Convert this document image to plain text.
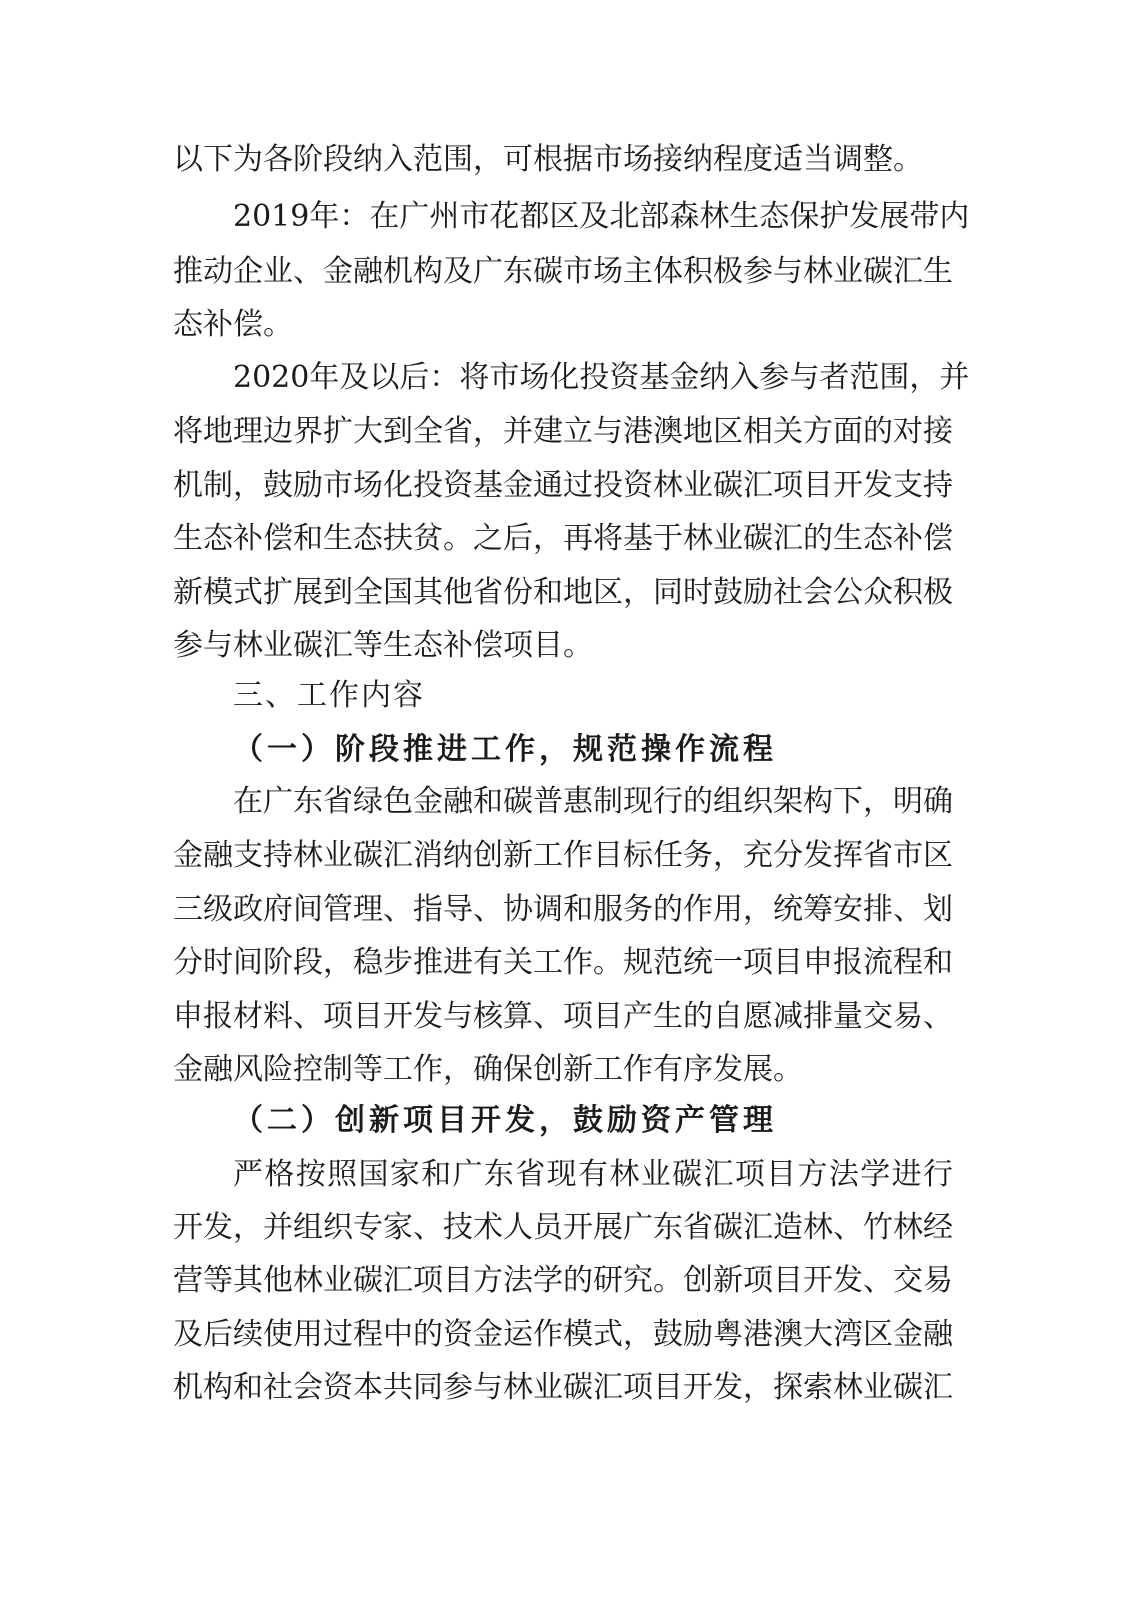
以下为各阶段纳入范围，可根据市场接纳程度适当调整。
2019年：在广州市花都区及北部森林生态保护发展带内
推动企业、金融机构及广东碳市场主体积极参与林业碳汇生
态补偿。
2020年及以后：将市场化投资基金纳入参与者范围，并
将地理边界扩大到全省，并建立与港澳地区相关方面的对接
机制，鼓励市场化投资基金通过投资林业碳汇项目开发支持
生态补偿和生态扶贫。之后，再将基于林业碳汇的生态补偿
新模式扩展到全国其他省份和地区，同时鼓励社会公众积极
参与林业碳汇等生态补偿项目。
三、工作内容
（一）阶段推进工作，规范操作流程
在广东省绿色金融和碳普惠制现行的组织架构下，明确
金融支持林业碳汇消纳创新工作目标任务，充分发挥省市区
三级政府间管理、指导、协调和服务的作用，统筹安排、划
分时间阶段，稳步推进有关工作。规范统一项目申报流程和
申报材料、项目开发与核算、项目产生的自愿减排量交易、
金融风险控制等工作，确保创新工作有序发展。
（二）创新项目开发，鼓励资产管理
严格按照国家和广东省现有林业碳汇项目方法学进行
开发，并组织专家、技术人员开展广东省碳汇造林、竹林经
营等其他林业碳汇项目方法学的研究。创新项目开发、交易
及后续使用过程中的资金运作模式，鼓励粤港澳大湾区金融
机构和社会资本共同参与林业碳汇项目开发，探索林业碳汇
